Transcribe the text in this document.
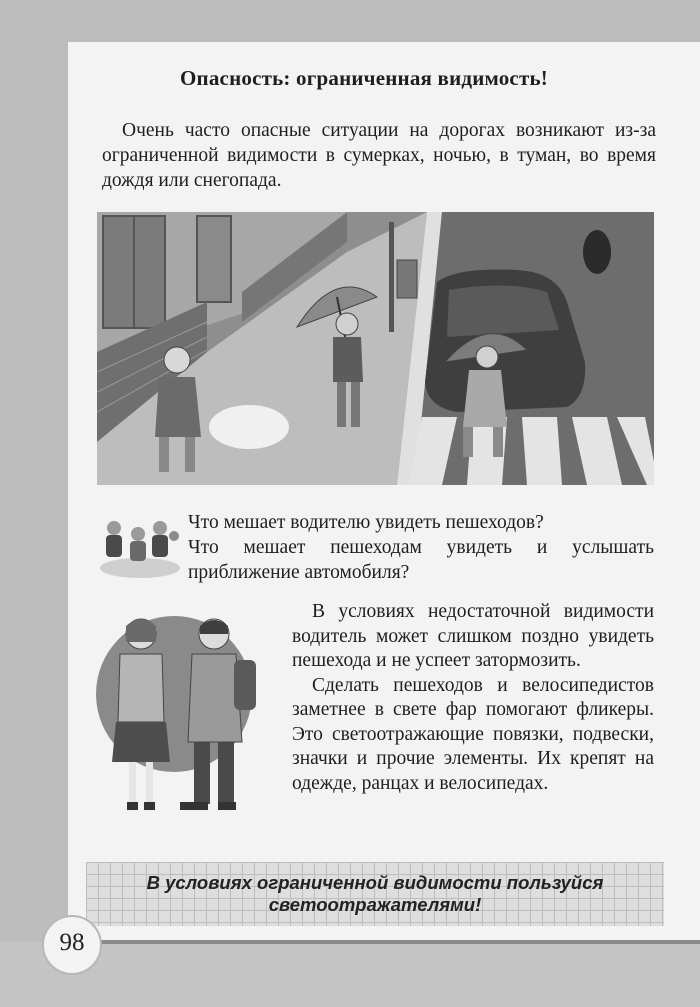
Опасность: ограниченная видимость!
Очень часто опасные ситуации на дорогах возникают из-за ограниченной видимости в сумерках, ночью, в туман, во время дождя или снегопада.

Что мешает водителю увидеть пешеходов?

Что мешает пешеходам увидеть и услышать приближение автомобиля?

В условиях недостаточной видимости водитель может слишком поздно увидеть пешехода и не успеет затормозить.

Сделать пешеходов и велосипедистов заметнее в свете фар помогают фликеры. Это светоотражающие повязки, подвески, значки и прочие элементы. Их крепят на одежде, ранцах и велосипедах.

В условиях ограниченной видимости пользуйся светоотражателями!
98
